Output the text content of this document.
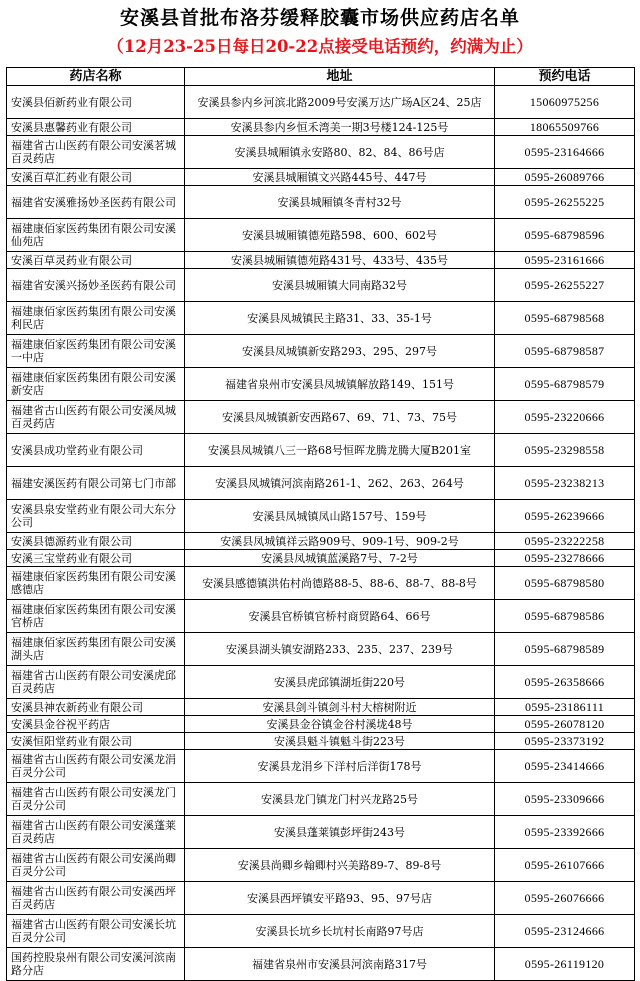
安溪县首批布洛芬缓释胶囊市场供应药店名单
（12月23-25日每日20-22点接受电话预约，约满为止）
药店名称	地址	预约电话
安溪县佰新药业有限公司	安溪县参内乡河滨北路2009号安溪万达广场A区24、25店	15060975256
安溪县惠馨药业有限公司	安溪县参内乡恒禾湾美一期3号楼124-125号	18065509766
福建省古山医药有限公司安溪茗城百灵药店	安溪县城厢镇永安路80、82、84、86号店	0595-23164666
安溪百草汇药业有限公司	安溪县城厢镇文兴路445号、447号	0595-26089766
福建省安溪雅扬妙圣医药有限公司	安溪县城厢镇冬青村32号	0595-26255225
福建康佰家医药集团有限公司安溪仙苑店	安溪县城厢镇德苑路598、600、602号	0595-68798596
安溪百草灵药业有限公司	安溪县城厢镇德苑路431号、433号、435号	0595-23161666
福建省安溪兴扬妙圣医药有限公司	安溪县城厢镇大同南路32号	0595-26255227
福建康佰家医药集团有限公司安溪利民店	安溪县凤城镇民主路31、33、35-1号	0595-68798568
福建康佰家医药集团有限公司安溪一中店	安溪县凤城镇新安路293、295、297号	0595-68798587
福建康佰家医药集团有限公司安溪新安店	福建省泉州市安溪县凤城镇解放路149、151号	0595-68798579
福建省古山医药有限公司安溪凤城百灵药店	安溪县凤城镇新安西路67、69、71、73、75号	0595-23220666
安溪县成功堂药业有限公司	安溪县凤城镇八三一路68号恒晖龙腾龙腾大厦B201室	0595-23298558
福建安溪医药有限公司第七门市部	安溪县凤城镇河滨南路261-1、262、263、264号	0595-23238213
安溪县泉安堂药业有限公司大东分公司	安溪县凤城镇凤山路157号、159号	0595-26239666
安溪县德源药业有限公司	安溪县凤城镇祥云路909号、909-1号、909-2号	0595-23222258
安溪三宝堂药业有限公司	安溪县凤城镇蓝溪路7号、7-2号	0595-23278666
福建康佰家医药集团有限公司安溪感德店	安溪县感德镇洪佑村尚德路88-5、88-6、88-7、88-8号	0595-68798580
福建康佰家医药集团有限公司安溪官桥店	安溪县官桥镇官桥村商贸路64、66号	0595-68798586
福建康佰家医药集团有限公司安溪湖头店	安溪县湖头镇安湖路233、235、237、239号	0595-68798589
福建省古山医药有限公司安溪虎邱百灵药店	安溪县虎邱镇湖坵街220号	0595-26358666
安溪县神农新药业有限公司	安溪县剑斗镇剑斗村大榕树附近	0595-23186111
安溪县金谷祝平药店	安溪县金谷镇金谷村溪垅48号	0595-26078120
安溪恒阳堂药业有限公司	安溪县魁斗镇魁斗街223号	0595-23373192
福建省古山医药有限公司安溪龙涓百灵分公司	安溪县龙涓乡下洋村后洋街178号	0595-23414666
福建省古山医药有限公司安溪龙门百灵分公司	安溪县龙门镇龙门村兴龙路25号	0595-23309666
福建省古山医药有限公司安溪蓬莱百灵药店	安溪县蓬莱镇彭坪街243号	0595-23392666
福建省古山医药有限公司安溪尚卿百灵分公司	安溪县尚卿乡翰卿村兴美路89-7、89-8号	0595-26107666
福建省古山医药有限公司安溪西坪百灵药店	安溪县西坪镇安平路93、95、97号店	0595-26076666
福建省古山医药有限公司安溪长坑百灵分公司	安溪县长坑乡长坑村长南路97号店	0595-23124666
国药控股泉州有限公司安溪河滨南路分店	福建省泉州市安溪县河滨南路317号	0595-26119120
